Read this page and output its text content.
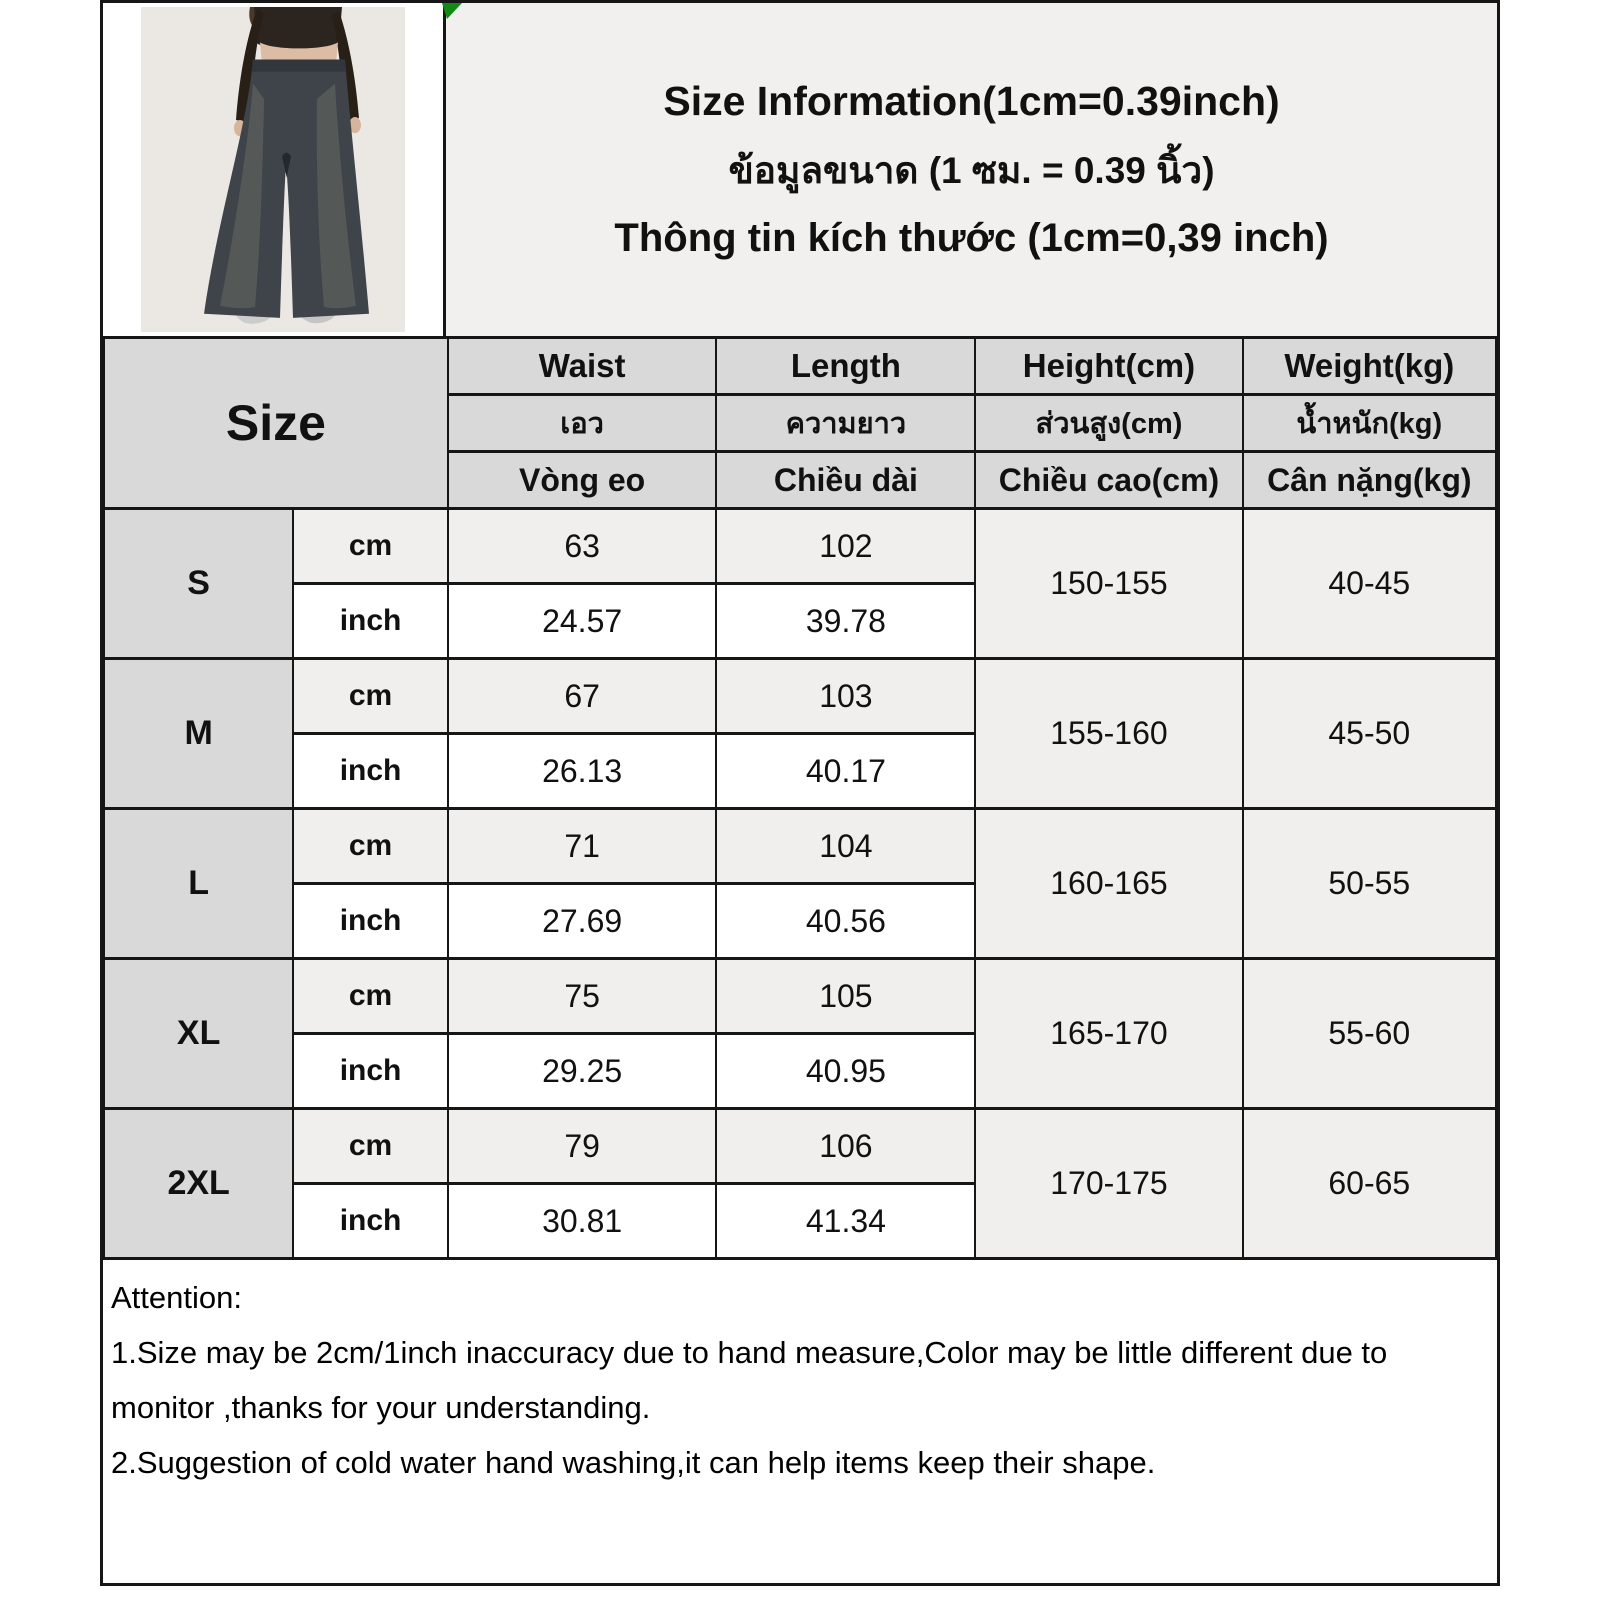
Size Information(1cm=0.39inch)
ข้อมูลขนาด (1 ซม. = 0.39 นิ้ว)
Thông tin kích thước (1cm=0,39 inch)
Size		Waist	Length	Height(cm)	Weight(kg)
		เอว	ความยาว	ส่วนสูง(cm)	น้ำหนัก(kg)
		Vòng eo	Chiều dài	Chiều cao(cm)	Cân nặng(kg)
S	cm	63	102	150-155	40-45
	inch	24.57	39.78		
M	cm	67	103	155-160	45-50
	inch	26.13	40.17		
L	cm	71	104	160-165	50-55
	inch	27.69	40.56		
XL	cm	75	105	165-170	55-60
	inch	29.25	40.95		
2XL	cm	79	106	170-175	60-65
	inch	30.81	41.34		
Attention:
1.Size may be 2cm/1inch inaccuracy due to hand measure,Color may be little different due to monitor ,thanks for your understanding.
2.Suggestion of cold water hand washing,it can help items keep their shape.
